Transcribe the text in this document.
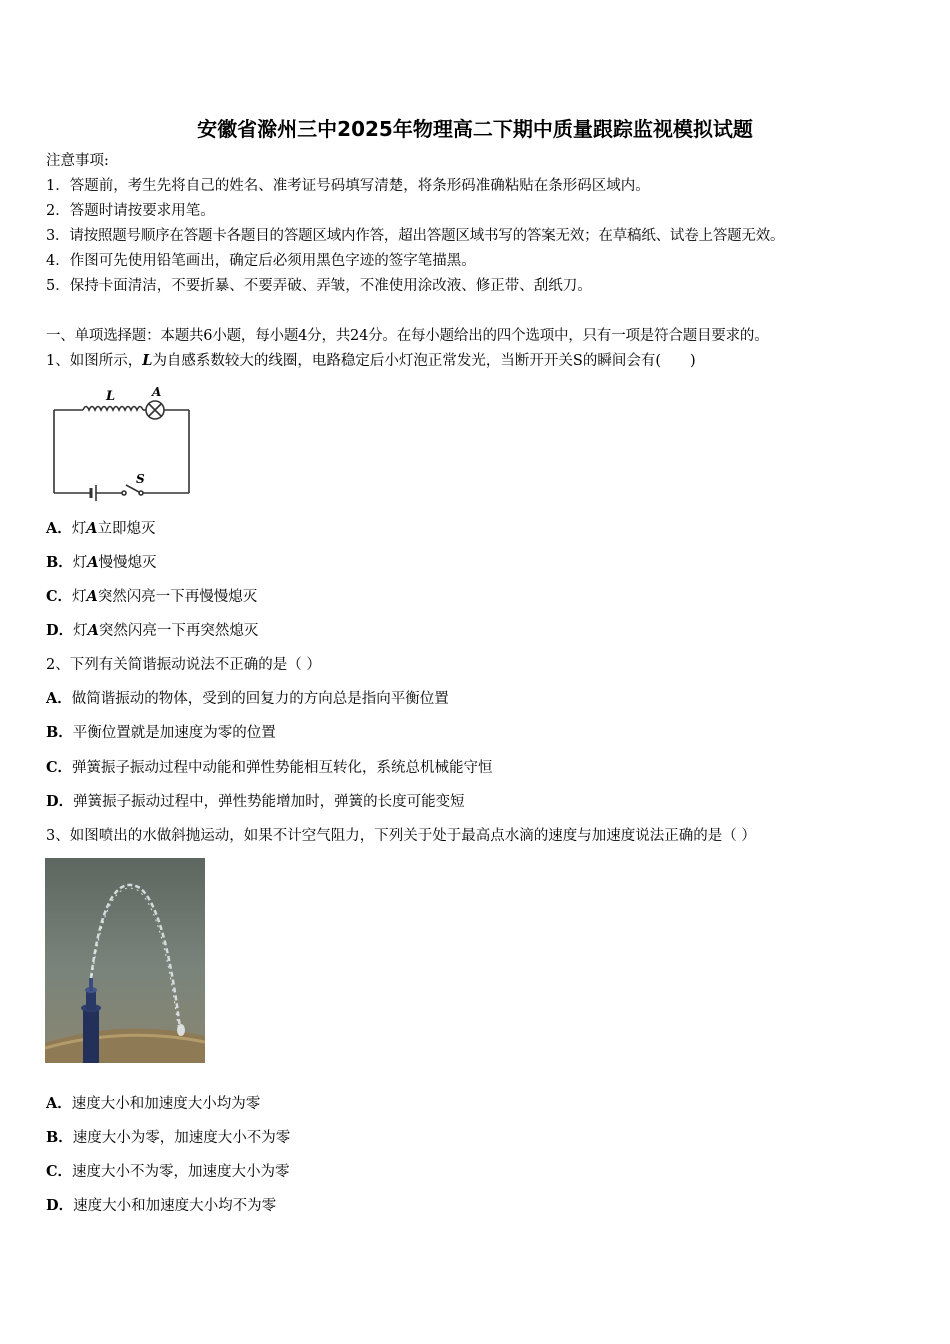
安徽省滁州三中2025年物理高二下期中质量跟踪监视模拟试题
注意事项:
1．答题前，考生先将自己的姓名、准考证号码填写清楚，将条形码准确粘贴在条形码区域内。
2．答题时请按要求用笔。
3．请按照题号顺序在答题卡各题目的答题区域内作答，超出答题区域书写的答案无效；在草稿纸、试卷上答题无效。
4．作图可先使用铅笔画出，确定后必须用黑色字迹的签字笔描黑。
5．保持卡面清洁，不要折暴、不要弄破、弄皱，不准使用涂改液、修正带、刮纸刀。
一、单项选择题：本题共6小题，每小题4分，共24分。在每小题给出的四个选项中，只有一项是符合题目要求的。
1、如图所示，L为自感系数较大的线圈，电路稳定后小灯泡正常发光，当断开开关S的瞬间会有(　　)
L	A
S
A．灯A立即熄灭
B．灯A慢慢熄灭
C．灯A突然闪亮一下再慢慢熄灭
D．灯A突然闪亮一下再突然熄灭
2、下列有关简谐振动说法不正确的是（ ）
A．做简谐振动的物体，受到的回复力的方向总是指向平衡位置
B．平衡位置就是加速度为零的位置
C．弹簧振子振动过程中动能和弹性势能相互转化，系统总机械能守恒
D．弹簧振子振动过程中，弹性势能增加时，弹簧的长度可能变短
3、如图喷出的水做斜抛运动，如果不计空气阻力，下列关于处于最高点水滴的速度与加速度说法正确的是（ ）
A．速度大小和加速度大小均为零
B．速度大小为零，加速度大小不为零
C．速度大小不为零，加速度大小为零
D．速度大小和加速度大小均不为零
